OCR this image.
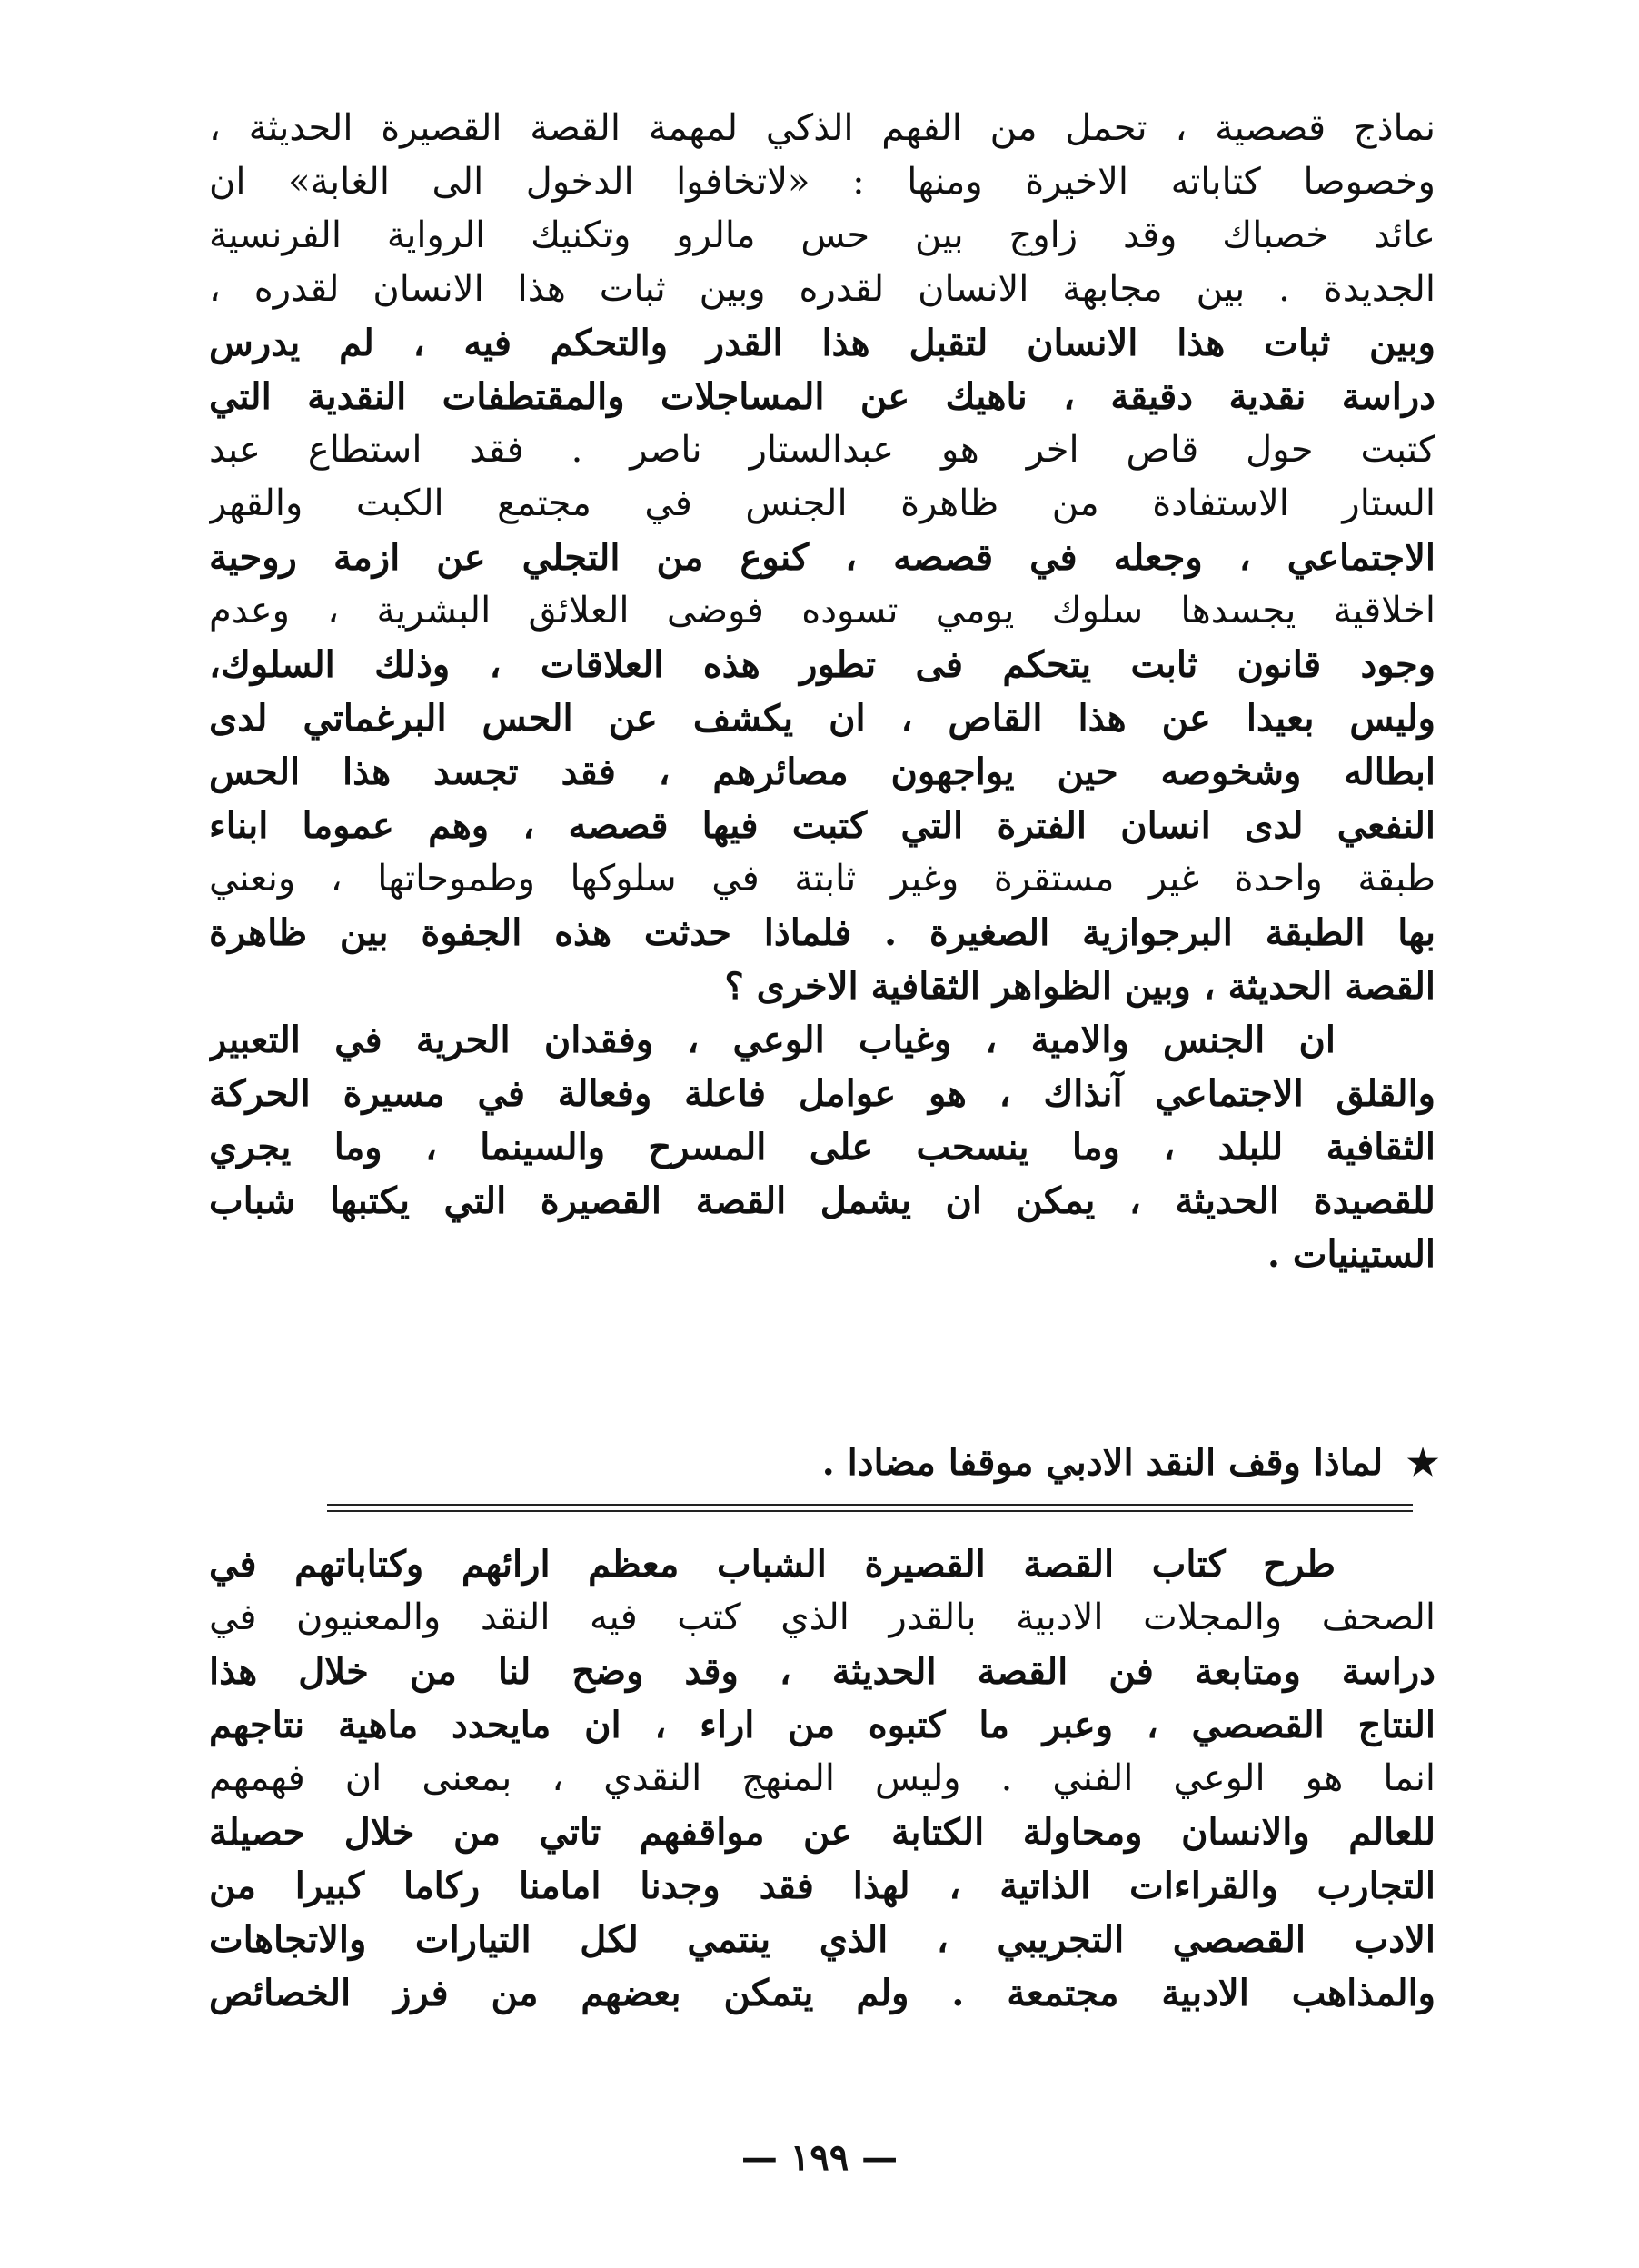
نماذج قصصية ، تحمل من الفهم الذكي لمهمة القصة القصيرة الحديثة ،
وخصوصا كتاباته الاخيرة ومنها : «لاتخافوا الدخول الى الغابة» ان
عائد خصباك وقد زاوج بين حس مالرو وتكنيك الرواية الفرنسية
الجديدة . بين مجابهة الانسان لقدره وبين ثبات هذا الانسان لقدره ،
وبين ثبات هذا الانسان لتقبل هذا القدر والتحكم فيه ، لم يدرس
دراسة نقدية دقيقة ، ناهيك عن المساجلات والمقتطفات النقدية التي
كتبت حول قاص اخر هو عبدالستار ناصر . فقد استطاع عبد
الستار الاستفادة من ظاهرة الجنس في مجتمع الكبت والقهر
الاجتماعي ، وجعله في قصصه ، كنوع من التجلي عن ازمة روحية
اخلاقية يجسدها سلوك يومي تسوده فوضى العلائق البشرية ، وعدم
وجود قانون ثابت يتحكم فى تطور هذه العلاقات ، وذلك السلوك،
وليس بعيدا عن هذا القاص ، ان يكشف عن الحس البرغماتي لدى
ابطاله وشخوصه حين يواجهون مصائرهم ، فقد تجسد هذا الحس
النفعي لدى انسان الفترة التي كتبت فيها قصصه ، وهم عموما ابناء
طبقة واحدة غير مستقرة وغير ثابتة في سلوكها وطموحاتها ، ونعني
بها الطبقة البرجوازية الصغيرة . فلماذا حدثت هذه الجفوة بين ظاهرة
القصة الحديثة ، وبين الظواهر الثقافية الاخرى ؟
ان الجنس والامية ، وغياب الوعي ، وفقدان الحرية في التعبير
والقلق الاجتماعي آنذاك ، هو عوامل فاعلة وفعالة في مسيرة الحركة
الثقافية للبلد ، وما ينسحب على المسرح والسينما ، وما يجري
للقصيدة الحديثة ، يمكن ان يشمل القصة القصيرة التي يكتبها شباب
الستينيات .
★ لماذا وقف النقد الادبي موقفا مضادا .
طرح كتاب القصة القصيرة الشباب معظم ارائهم وكتاباتهم في
الصحف والمجلات الادبية بالقدر الذي كتب فيه النقد والمعنيون في
دراسة ومتابعة فن القصة الحديثة ، وقد وضح لنا من خلال هذا
النتاج القصصي ، وعبر ما كتبوه من اراء ، ان مايحدد ماهية نتاجهم
انما هو الوعي الفني . وليس المنهج النقدي ، بمعنى ان فهمهم
للعالم والانسان ومحاولة الكتابة عن مواقفهم تاتي من خلال حصيلة
التجارب والقراءات الذاتية ، لهذا فقد وجدنا امامنا ركاما كبيرا من
الادب القصصي التجريبي ، الذي ينتمي لكل التيارات والاتجاهات
والمذاهب الادبية مجتمعة . ولم يتمكن بعضهم من فرز الخصائص
— ١٩٩ —
